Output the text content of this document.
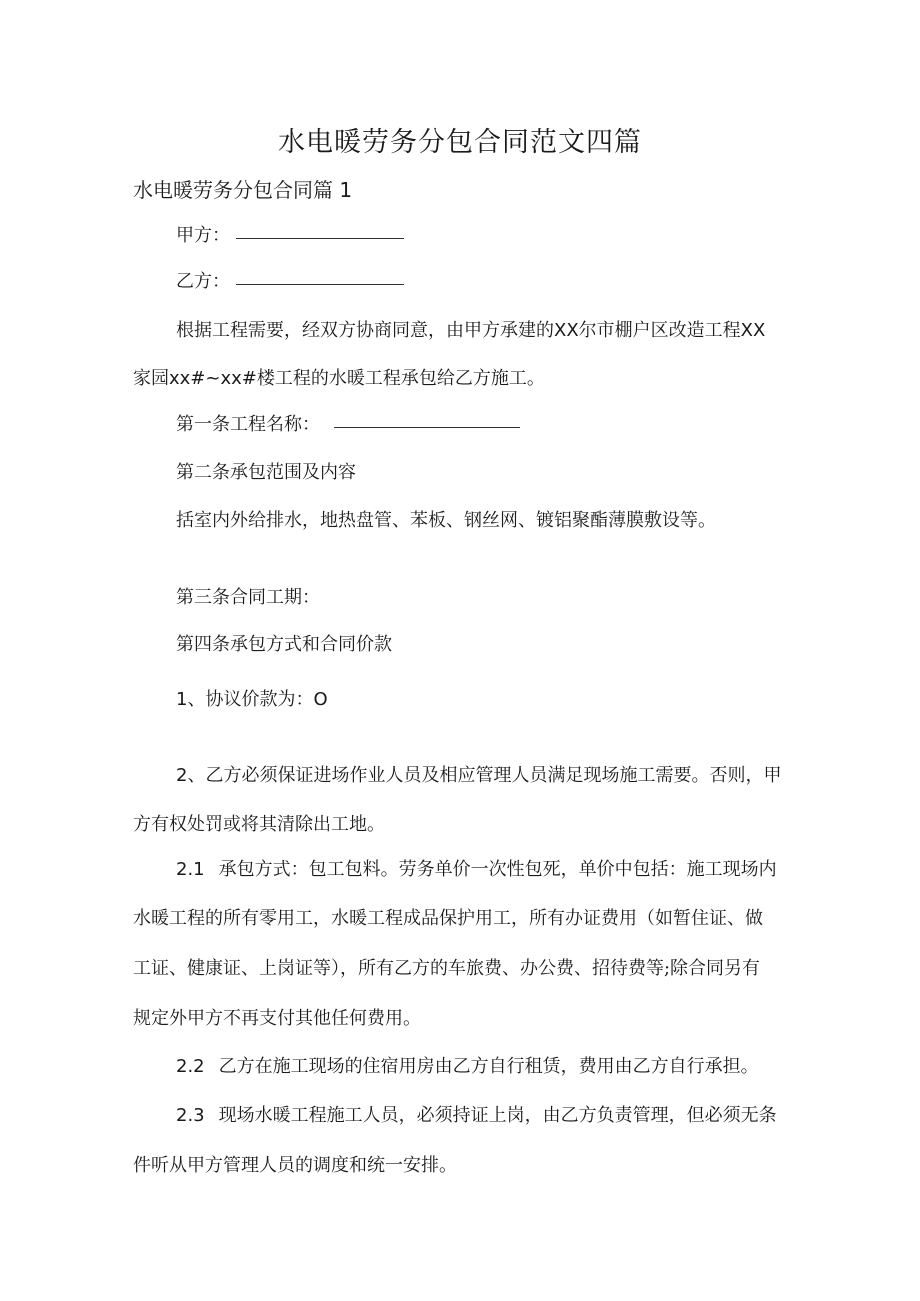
水电暖劳务分包合同范文四篇
水电暖劳务分包合同篇 1
甲方：
乙方：
根据工程需要，经双方协商同意，由甲方承建的XX尔市棚户区改造工程XX
家园xx#~xx#楼工程的水暖工程承包给乙方施工。
第一条工程名称：
第二条承包范围及内容
括室内外给排水，地热盘管、苯板、钢丝网、镀铝聚酯薄膜敷设等。
第三条合同工期：
第四条承包方式和合同价款
1、协议价款为：O
2、乙方必须保证进场作业人员及相应管理人员满足现场施工需要。否则，甲
方有权处罚或将其清除出工地。
2.1 承包方式：包工包料。劳务单价一次性包死，单价中包括：施工现场内
水暖工程的所有零用工，水暖工程成品保护用工，所有办证费用（如暂住证、做
工证、健康证、上岗证等），所有乙方的车旅费、办公费、招待费等;除合同另有
规定外甲方不再支付其他任何费用。
2.2 乙方在施工现场的住宿用房由乙方自行租赁，费用由乙方自行承担。
2.3 现场水暖工程施工人员，必须持证上岗，由乙方负责管理，但必须无条
件听从甲方管理人员的调度和统一安排。
